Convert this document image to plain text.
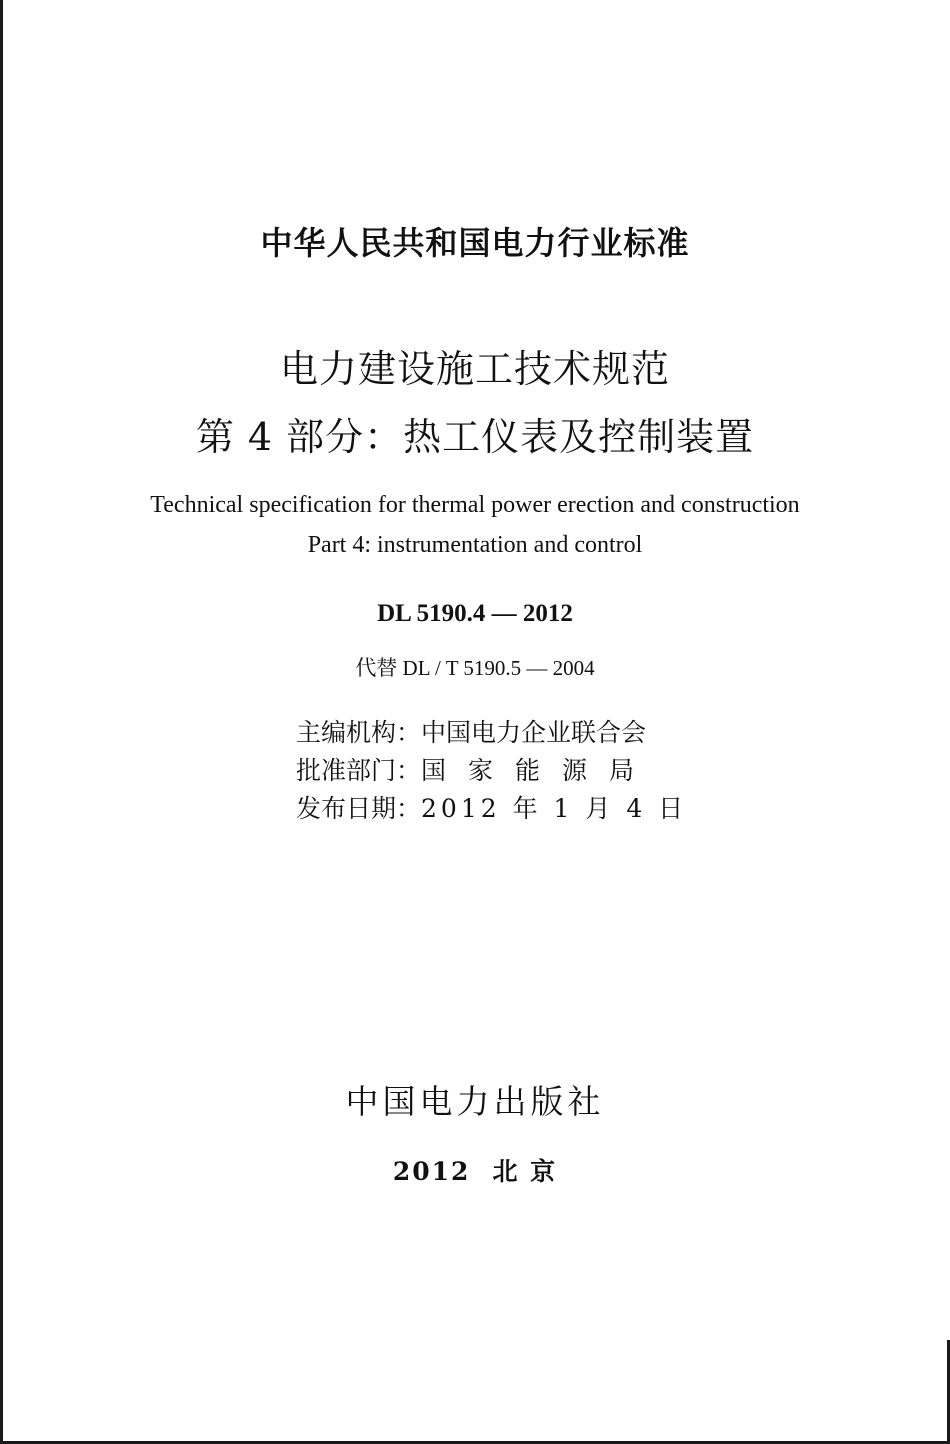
中华人民共和国电力行业标准
电力建设施工技术规范
第 4 部分：热工仪表及控制装置
Technical specification for thermal power erection and construction
Part 4: instrumentation and control
DL 5190.4 — 2012
代替 DL / T 5190.5 — 2004
主编机构：中国电力企业联合会
批准部门：国家能源局
发布日期：2012 年 1 月 4 日
中国电力出版社
2012 北 京
